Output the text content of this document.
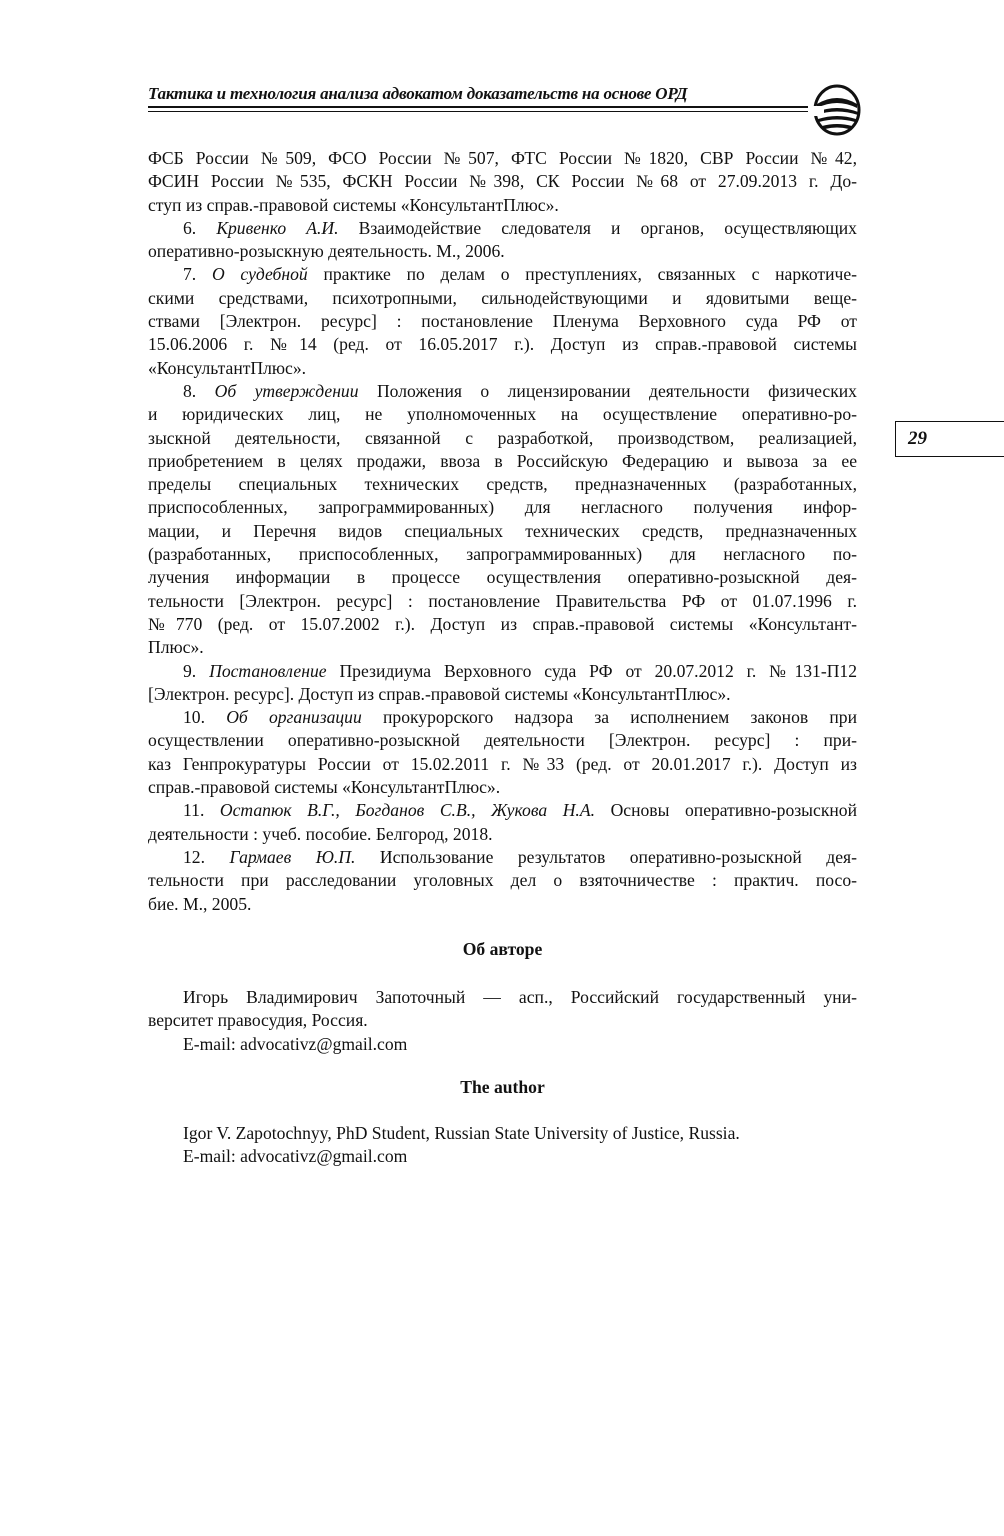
Тактика и технология анализа адвокатом доказательств на основе ОРД
29
ФСБ России №509, ФСО России №507, ФТС России №1820, СВР России №42,
ФСИН России №535, ФСКН России №398, СК России №68 от 27.09.2013 г. До-
ступ из справ.-правовой системы «КонсультантПлюс».
6. Кривенко А.И. Взаимодействие следователя и органов, осуществляющих
оперативно-розыскную деятельность. М., 2006.
7. О судебной практике по делам о преступлениях, связанных с наркотиче-
скими средствами, психотропными, сильнодействующими и ядовитыми веще-
ствами [Электрон. ресурс] : постановление Пленума Верховного суда РФ от
15.06.2006 г. №14 (ред. от 16.05.2017 г.). Доступ из справ.-правовой системы
«КонсультантПлюс».
8. Об утверждении Положения о лицензировании деятельности физических
и юридических лиц, не уполномоченных на осуществление оперативно-ро-
зыскной деятельности, связанной с разработкой, производством, реализацией,
приобретением в целях продажи, ввоза в Российскую Федерацию и вывоза за ее
пределы специальных технических средств, предназначенных (разработанных,
приспособленных, запрограммированных) для негласного получения инфор-
мации, и Перечня видов специальных технических средств, предназначенных
(разработанных, приспособленных, запрограммированных) для негласного по-
лучения информации в процессе осуществления оперативно-розыскной дея-
тельности [Электрон. ресурс] : постановление Правительства РФ от 01.07.1996 г.
№770 (ред. от 15.07.2002 г.). Доступ из справ.-правовой системы «Консультант-
Плюс».
9. Постановление Президиума Верховного суда РФ от 20.07.2012 г. №131-П12
[Электрон. ресурс]. Доступ из справ.-правовой системы «КонсультантПлюс».
10. Об организации прокурорского надзора за исполнением законов при
осуществлении оперативно-розыскной деятельности [Электрон. ресурс] : при-
каз Генпрокуратуры России от 15.02.2011 г. №33 (ред. от 20.01.2017 г.). Доступ из
справ.-правовой системы «КонсультантПлюс».
11. Остапюк В.Г., Богданов С.В., Жукова Н.А. Основы оперативно-розыскной
деятельности : учеб. пособие. Белгород, 2018.
12. Гармаев Ю.П. Использование результатов оперативно-розыскной дея-
тельности при расследовании уголовных дел о взяточничестве : практич. посо-
бие. М., 2005.
Об авторе
Игорь Владимирович Запоточный — асп., Российский государственный уни-
верситет правосудия, Россия.
E-mail: advocativz@gmail.com
The author
Igor V. Zapotochnyy, PhD Student, Russian State University of Justice, Russia.
E-mail: advocativz@gmail.com
